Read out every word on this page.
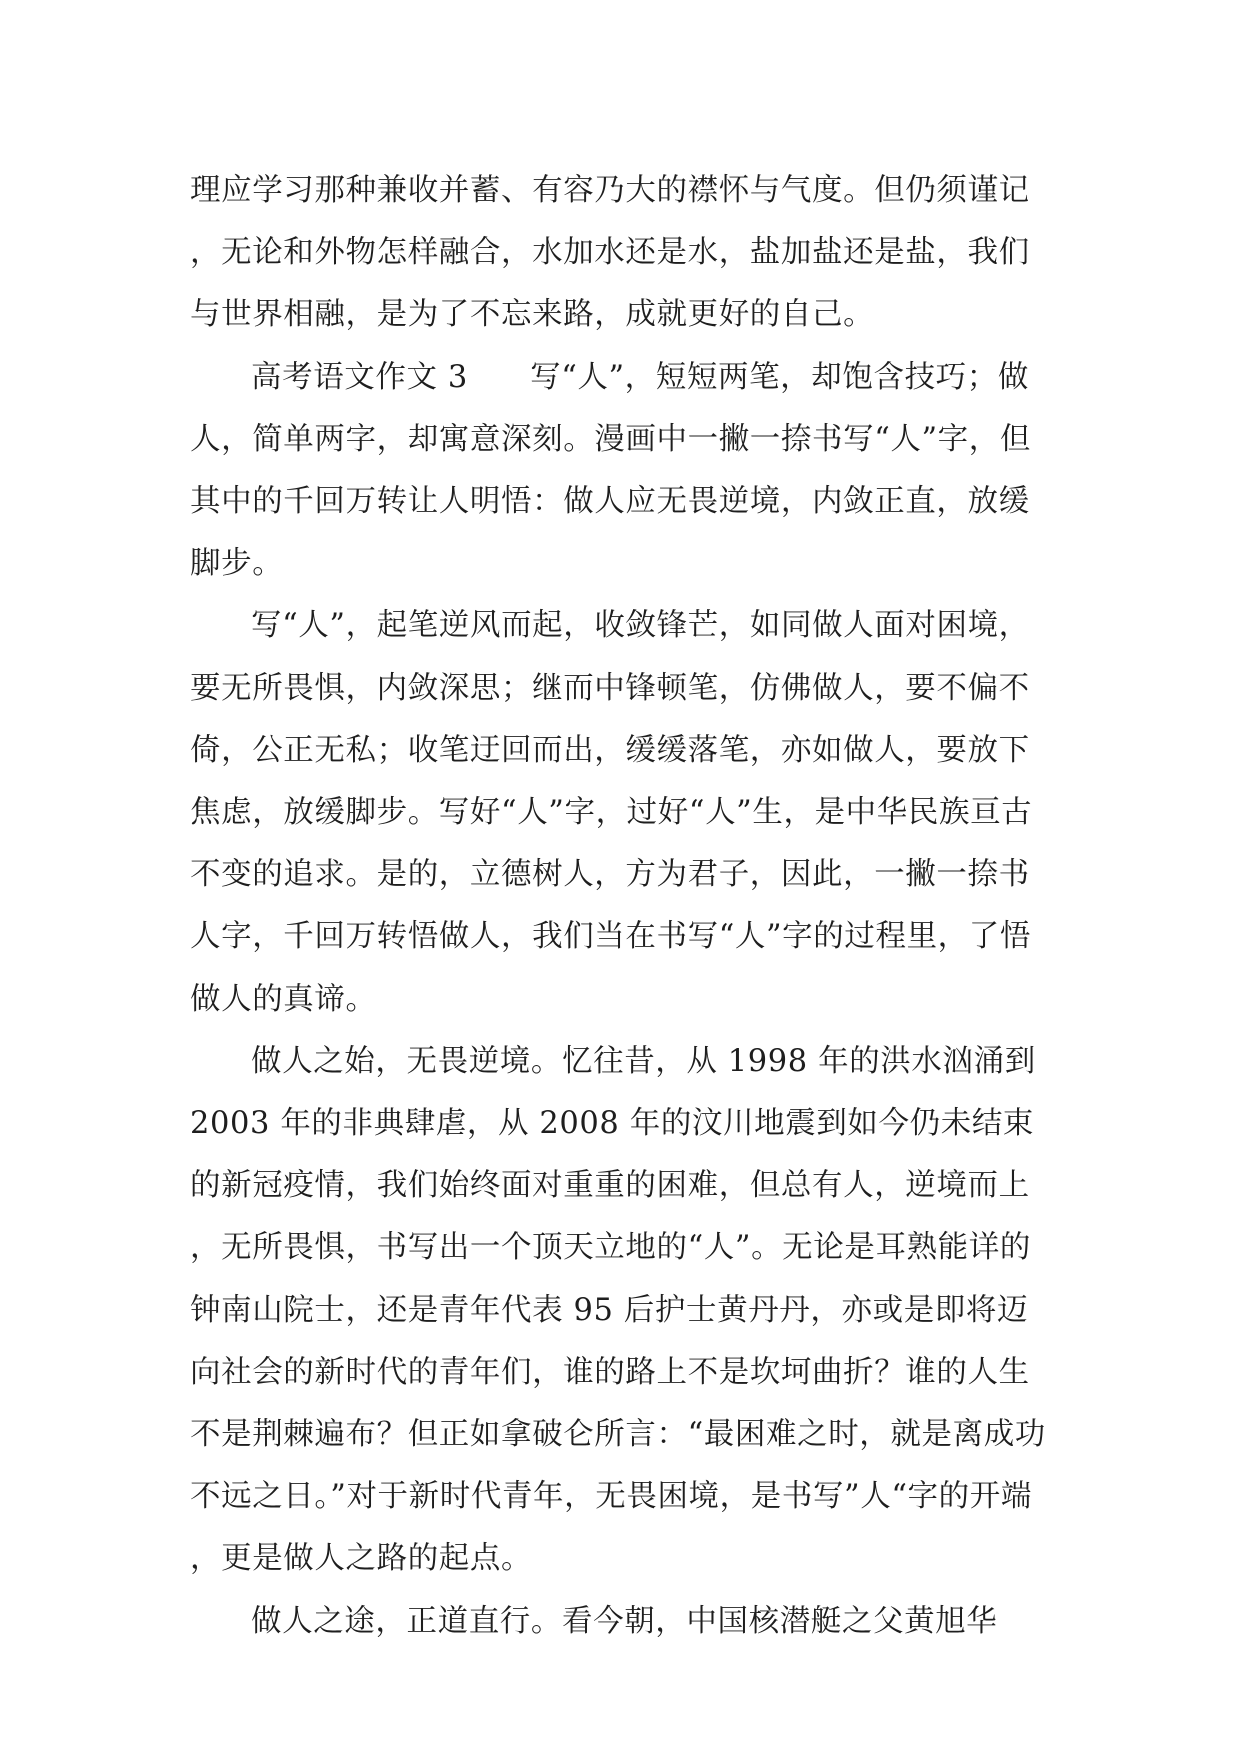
理应学习那种兼收并蓄、有容乃大的襟怀与气度。但仍须谨记，无论和外物怎样融合，水加水还是水，盐加盐还是盐，我们与世界相融，是为了不忘来路，成就更好的自己。

高考语文作文 3　　写“人”，短短两笔，却饱含技巧；做人，简单两字，却寓意深刻。漫画中一撇一捺书写“人”字，但其中的千回万转让人明悟：做人应无畏逆境，内敛正直，放缓脚步。

写“人”，起笔逆风而起，收敛锋芒，如同做人面对困境，要无所畏惧，内敛深思；继而中锋顿笔，仿佛做人，要不偏不倚，公正无私；收笔迂回而出，缓缓落笔，亦如做人，要放下焦虑，放缓脚步。写好“人”字，过好“人”生，是中华民族亘古不变的追求。是的，立德树人，方为君子，因此，一撇一捺书人字，千回万转悟做人，我们当在书写“人”字的过程里，了悟做人的真谛。

做人之始，无畏逆境。忆往昔，从 1998 年的洪水汹涌到 2003 年的非典肆虐，从 2008 年的汶川地震到如今仍未结束的新冠疫情，我们始终面对重重的困难，但总有人，逆境而上，无所畏惧，书写出一个顶天立地的“人”。无论是耳熟能详的钟南山院士，还是青年代表 95 后护士黄丹丹，亦或是即将迈向社会的新时代的青年们，谁的路上不是坎坷曲折？谁的人生不是荆棘遍布？但正如拿破仑所言：“最困难之时，就是离成功不远之日。”对于新时代青年，无畏困境，是书写”人“字的开端，更是做人之路的起点。

做人之途，正道直行。看今朝，中国核潜艇之父黄旭华
